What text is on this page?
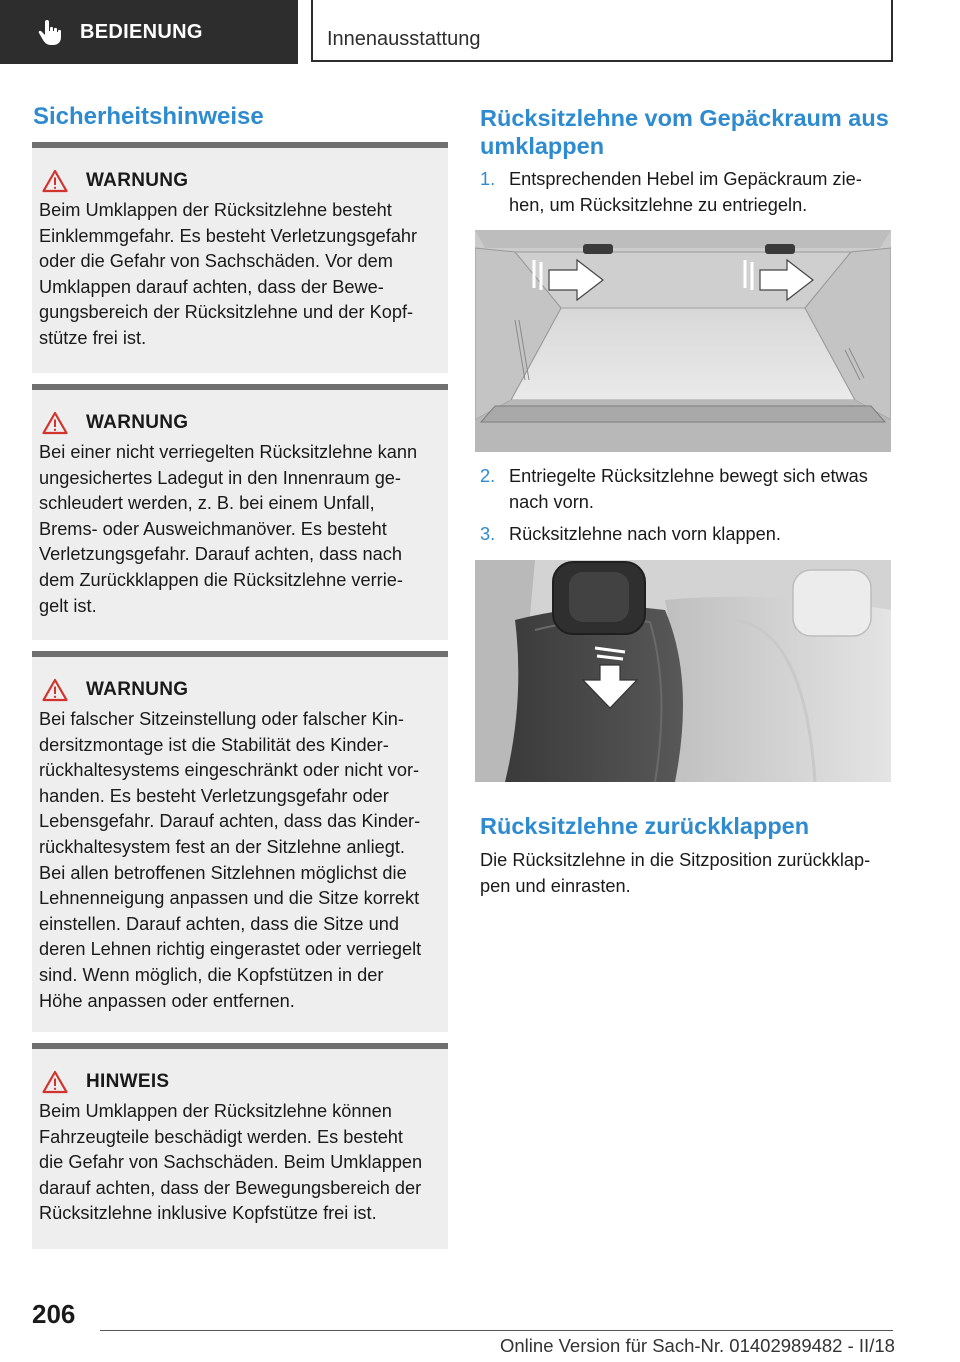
BEDIENUNG	Innenausstattung
Sicherheitshinweise
WARNUNG
Beim Umklappen der Rücksitzlehne besteht
Einklemmgefahr. Es besteht Verletzungsgefahr
oder die Gefahr von Sachschäden. Vor dem
Umklappen darauf achten, dass der Bewe‐
gungsbereich der Rücksitzlehne und der Kopf‐
stütze frei ist.
WARNUNG
Bei einer nicht verriegelten Rücksitzlehne kann
ungesichertes Ladegut in den Innenraum ge‐
schleudert werden, z. B. bei einem Unfall,
Brems- oder Ausweichmanöver. Es besteht
Verletzungsgefahr. Darauf achten, dass nach
dem Zurückklappen die Rücksitzlehne verrie‐
gelt ist.
WARNUNG
Bei falscher Sitzeinstellung oder falscher Kin‐
dersitzmontage ist die Stabilität des Kinder‐
rückhaltesystems eingeschränkt oder nicht vor‐
handen. Es besteht Verletzungsgefahr oder
Lebensgefahr. Darauf achten, dass das Kinder‐
rückhaltesystem fest an der Sitzlehne anliegt.
Bei allen betroffenen Sitzlehnen möglichst die
Lehnenneigung anpassen und die Sitze korrekt
einstellen. Darauf achten, dass die Sitze und
deren Lehnen richtig eingerastet oder verriegelt
sind. Wenn möglich, die Kopfstützen in der
Höhe anpassen oder entfernen.
HINWEIS
Beim Umklappen der Rücksitzlehne können
Fahrzeugteile beschädigt werden. Es besteht
die Gefahr von Sachschäden. Beim Umklappen
darauf achten, dass der Bewegungsbereich der
Rücksitzlehne inklusive Kopfstütze frei ist.
Rücksitzlehne vom Gepäckraum aus
umklappen
1. Entsprechenden Hebel im Gepäckraum zie‐
hen, um Rücksitzlehne zu entriegeln.
2. Entriegelte Rücksitzlehne bewegt sich etwas
nach vorn.
3. Rücksitzlehne nach vorn klappen.
Rücksitzlehne zurückklappen
Die Rücksitzlehne in die Sitzposition zurückklap‐
pen und einrasten.
206
Online Version für Sach-Nr. 01402989482 - II/18
